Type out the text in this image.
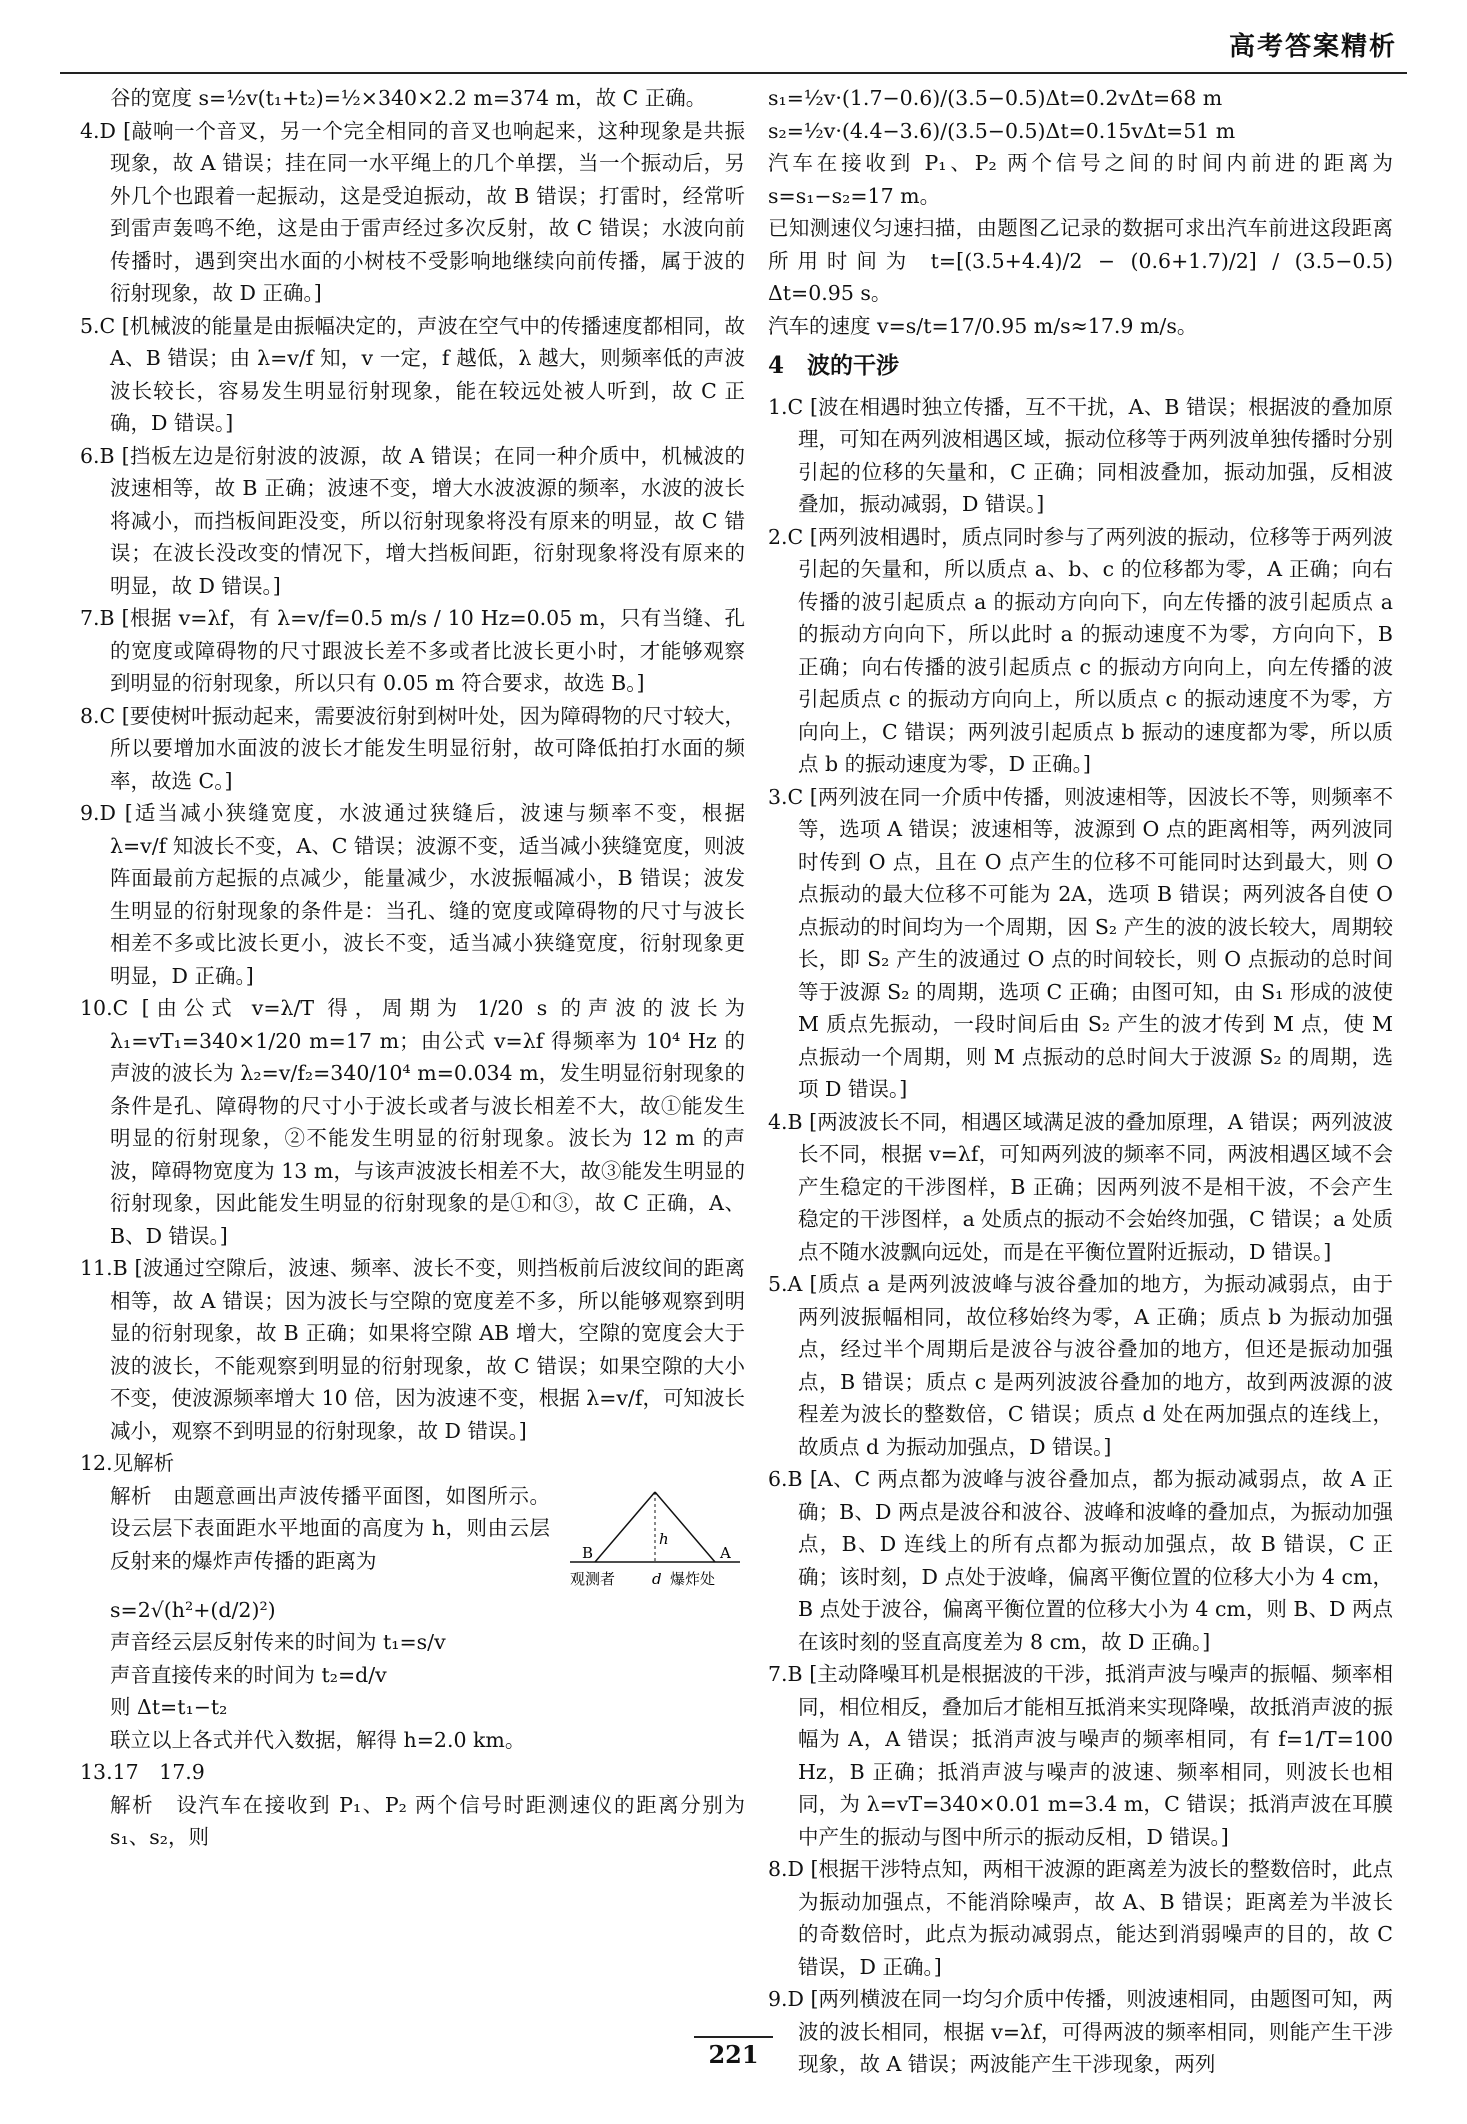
高考答案精析

谷的宽度 s=½v(t₁+t₂)=½×340×2.2 m=374 m，故 C 正确。

4.D [敲响一个音叉，另一个完全相同的音叉也响起来，这种现象是共振现象，故 A 错误；挂在同一水平绳上的几个单摆，当一个振动后，另外几个也跟着一起振动，这是受迫振动，故 B 错误；打雷时，经常听到雷声轰鸣不绝，这是由于雷声经过多次反射，故 C 错误；水波向前传播时，遇到突出水面的小树枝不受影响地继续向前传播，属于波的衍射现象，故 D 正确。]

5.C [机械波的能量是由振幅决定的，声波在空气中的传播速度都相同，故 A、B 错误；由 λ=v/f 知，v 一定，f 越低，λ 越大，则频率低的声波波长较长，容易发生明显衍射现象，能在较远处被人听到，故 C 正确，D 错误。]

6.B [挡板左边是衍射波的波源，故 A 错误；在同一种介质中，机械波的波速相等，故 B 正确；波速不变，增大水波波源的频率，水波的波长将减小，而挡板间距没变，所以衍射现象将没有原来的明显，故 C 错误；在波长没改变的情况下，增大挡板间距，衍射现象将没有原来的明显，故 D 错误。]

7.B [根据 v=λf，有 λ=v/f=0.5 m/s / 10 Hz=0.05 m，只有当缝、孔的宽度或障碍物的尺寸跟波长差不多或者比波长更小时，才能够观察到明显的衍射现象，所以只有 0.05 m 符合要求，故选 B。]

8.C [要使树叶振动起来，需要波衍射到树叶处，因为障碍物的尺寸较大，所以要增加水面波的波长才能发生明显衍射，故可降低拍打水面的频率，故选 C。]

9.D [适当减小狭缝宽度，水波通过狭缝后，波速与频率不变，根据 λ=v/f 知波长不变，A、C 错误；波源不变，适当减小狭缝宽度，则波阵面最前方起振的点减少，能量减少，水波振幅减小，B 错误；波发生明显的衍射现象的条件是：当孔、缝的宽度或障碍物的尺寸与波长相差不多或比波长更小，波长不变，适当减小狭缝宽度，衍射现象更明显，D 正确。]

10.C [由公式 v=λ/T 得，周期为 1/20 s 的声波的波长为 λ₁=vT₁=340×1/20 m=17 m；由公式 v=λf 得频率为 10⁴ Hz 的声波的波长为 λ₂=v/f₂=340/10⁴ m=0.034 m，发生明显衍射现象的条件是孔、障碍物的尺寸小于波长或者与波长相差不大，故①能发生明显的衍射现象，②不能发生明显的衍射现象。波长为 12 m 的声波，障碍物宽度为 13 m，与该声波波长相差不大，故③能发生明显的衍射现象，因此能发生明显的衍射现象的是①和③，故 C 正确，A、B、D 错误。]

11.B [波通过空隙后，波速、频率、波长不变，则挡板前后波纹间的距离相等，故 A 错误；因为波长与空隙的宽度差不多，所以能够观察到明显的衍射现象，故 B 正确；如果将空隙 AB 增大，空隙的宽度会大于波的波长，不能观察到明显的衍射现象，故 C 错误；如果空隙的大小不变，使波源频率增大 10 倍，因为波速不变，根据 λ=v/f，可知波长减小，观察不到明显的衍射现象，故 D 错误。]

12.见解析

解析　由题意画出声波传播平面图，如图所示。设云层下表面距水平地面的高度为 h，则由云层反射来的爆炸声传播的距离为	B
h
A
观测者 d 爆炸处

s=2√(h²+(d/2)²)

声音经云层反射传来的时间为 t₁=s/v

声音直接传来的时间为 t₂=d/v

则 Δt=t₁−t₂

联立以上各式并代入数据，解得 h=2.0 km。

13.17　17.9

解析　设汽车在接收到 P₁、P₂ 两个信号时距测速仪的距离分别为 s₁、s₂，则

s₁=½v·(1.7−0.6)/(3.5−0.5)Δt=0.2vΔt=68 m

s₂=½v·(4.4−3.6)/(3.5−0.5)Δt=0.15vΔt=51 m

汽车在接收到 P₁、P₂ 两个信号之间的时间内前进的距离为 s=s₁−s₂=17 m。

已知测速仪匀速扫描，由题图乙记录的数据可求出汽车前进这段距离所用时间为 t=[(3.5+4.4)/2 − (0.6+1.7)/2] / (3.5−0.5) Δt=0.95 s。

汽车的速度 v=s/t=17/0.95 m/s≈17.9 m/s。

4　波的干涉

1.C [波在相遇时独立传播，互不干扰，A、B 错误；根据波的叠加原理，可知在两列波相遇区域，振动位移等于两列波单独传播时分别引起的位移的矢量和，C 正确；同相波叠加，振动加强，反相波叠加，振动减弱，D 错误。]

2.C [两列波相遇时，质点同时参与了两列波的振动，位移等于两列波引起的矢量和，所以质点 a、b、c 的位移都为零，A 正确；向右传播的波引起质点 a 的振动方向向下，向左传播的波引起质点 a 的振动方向向下，所以此时 a 的振动速度不为零，方向向下，B 正确；向右传播的波引起质点 c 的振动方向向上，向左传播的波引起质点 c 的振动方向向上，所以质点 c 的振动速度不为零，方向向上，C 错误；两列波引起质点 b 振动的速度都为零，所以质点 b 的振动速度为零，D 正确。]

3.C [两列波在同一介质中传播，则波速相等，因波长不等，则频率不等，选项 A 错误；波速相等，波源到 O 点的距离相等，两列波同时传到 O 点，且在 O 点产生的位移不可能同时达到最大，则 O 点振动的最大位移不可能为 2A，选项 B 错误；两列波各自使 O 点振动的时间均为一个周期，因 S₂ 产生的波的波长较大，周期较长，即 S₂ 产生的波通过 O 点的时间较长，则 O 点振动的总时间等于波源 S₂ 的周期，选项 C 正确；由图可知，由 S₁ 形成的波使 M 质点先振动，一段时间后由 S₂ 产生的波才传到 M 点，使 M 点振动一个周期，则 M 点振动的总时间大于波源 S₂ 的周期，选项 D 错误。]

4.B [两波波长不同，相遇区域满足波的叠加原理，A 错误；两列波波长不同，根据 v=λf，可知两列波的频率不同，两波相遇区域不会产生稳定的干涉图样，B 正确；因两列波不是相干波，不会产生稳定的干涉图样，a 处质点的振动不会始终加强，C 错误；a 处质点不随水波飘向远处，而是在平衡位置附近振动，D 错误。]

5.A [质点 a 是两列波波峰与波谷叠加的地方，为振动减弱点，由于两列波振幅相同，故位移始终为零，A 正确；质点 b 为振动加强点，经过半个周期后是波谷与波谷叠加的地方，但还是振动加强点，B 错误；质点 c 是两列波波谷叠加的地方，故到两波源的波程差为波长的整数倍，C 错误；质点 d 处在两加强点的连线上，故质点 d 为振动加强点，D 错误。]

6.B [A、C 两点都为波峰与波谷叠加点，都为振动减弱点，故 A 正确；B、D 两点是波谷和波谷、波峰和波峰的叠加点，为振动加强点，B、D 连线上的所有点都为振动加强点，故 B 错误，C 正确；该时刻，D 点处于波峰，偏离平衡位置的位移大小为 4 cm，B 点处于波谷，偏离平衡位置的位移大小为 4 cm，则 B、D 两点在该时刻的竖直高度差为 8 cm，故 D 正确。]

7.B [主动降噪耳机是根据波的干涉，抵消声波与噪声的振幅、频率相同，相位相反，叠加后才能相互抵消来实现降噪，故抵消声波的振幅为 A，A 错误；抵消声波与噪声的频率相同，有 f=1/T=100 Hz，B 正确；抵消声波与噪声的波速、频率相同，则波长也相同，为 λ=vT=340×0.01 m=3.4 m，C 错误；抵消声波在耳膜中产生的振动与图中所示的振动反相，D 错误。]

8.D [根据干涉特点知，两相干波源的距离差为波长的整数倍时，此点为振动加强点，不能消除噪声，故 A、B 错误；距离差为半波长的奇数倍时，此点为振动减弱点，能达到消弱噪声的目的，故 C 错误，D 正确。]

9.D [两列横波在同一均匀介质中传播，则波速相同，由题图可知，两波的波长相同，根据 v=λf，可得两波的频率相同，则能产生干涉现象，故 A 错误；两波能产生干涉现象，两列

221
